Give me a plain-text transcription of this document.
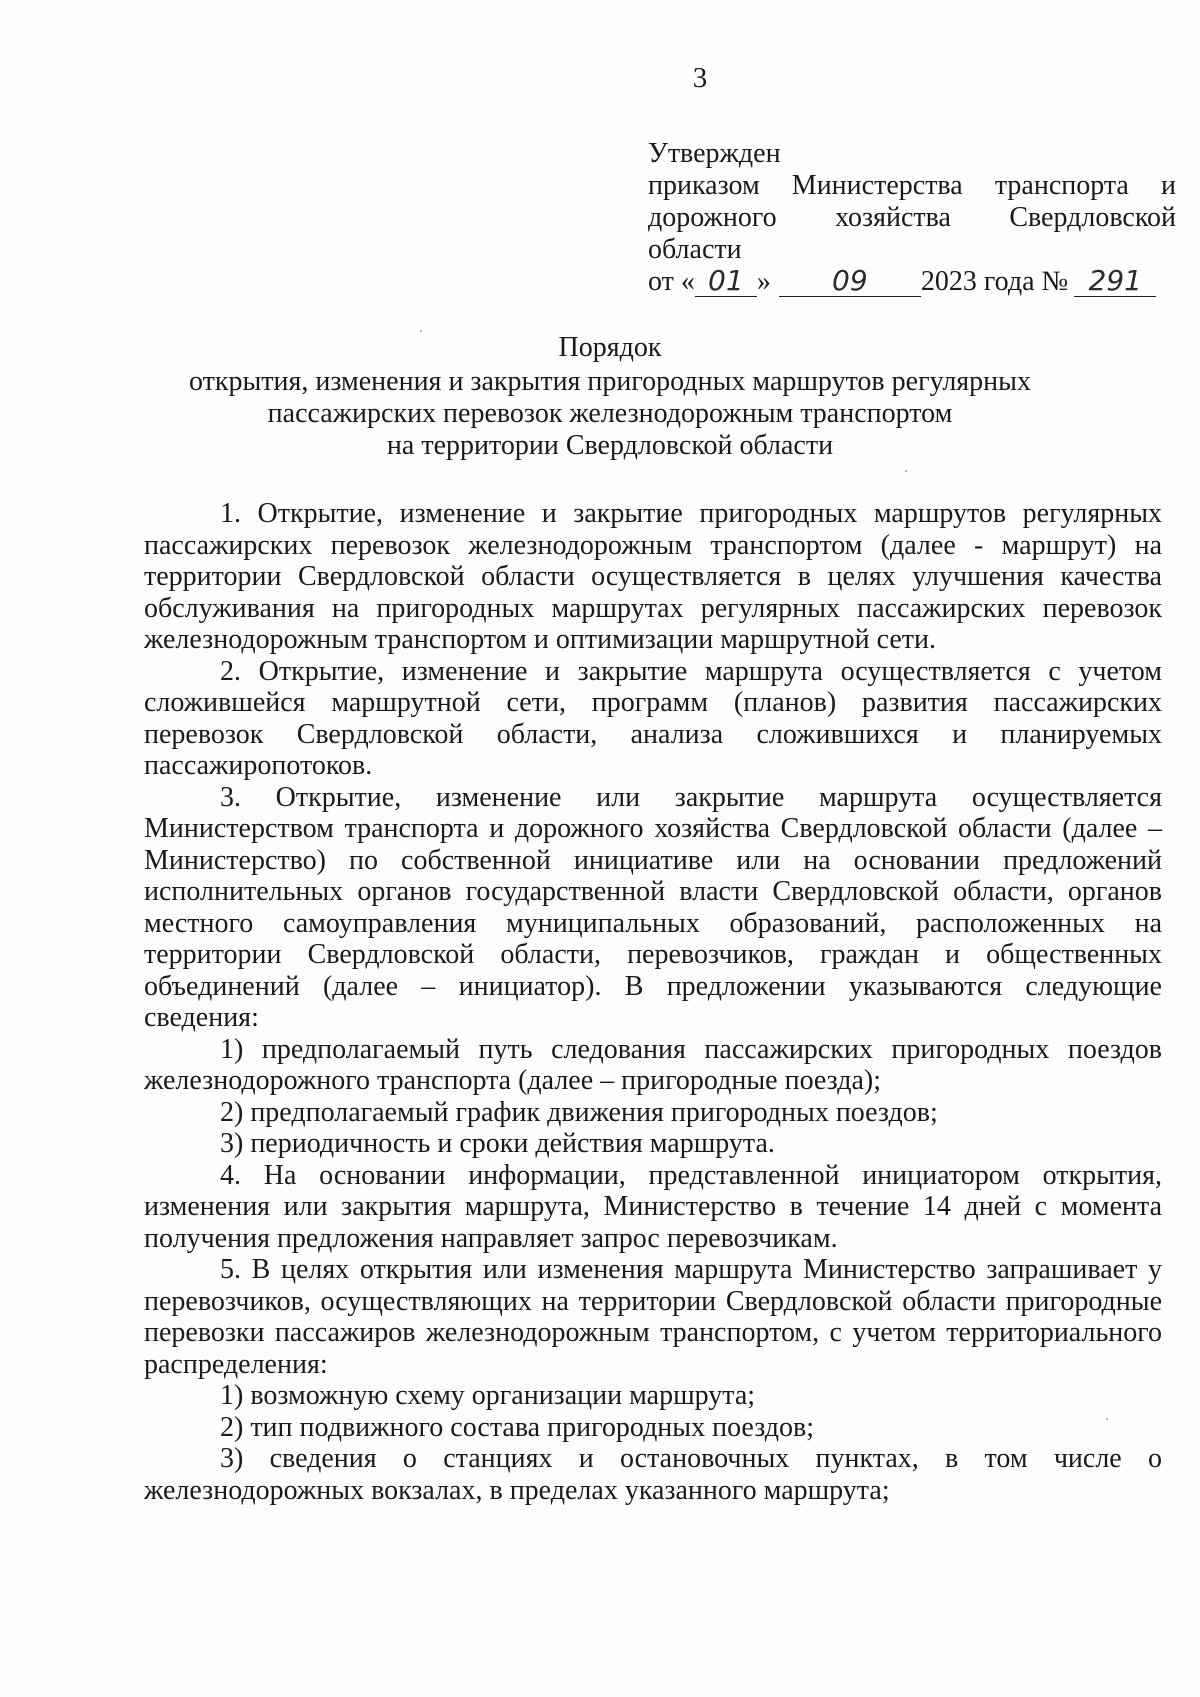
3
Утвержден
приказом Министерства транспорта и
дорожного хозяйства Свердловской
области
от « 01 » 09 2023 года № 291
Порядок
открытия, изменения и закрытия пригородных маршрутов регулярных
пассажирских перевозок железнодорожным транспортом
на территории Свердловской области

1. Открытие, изменение и закрытие пригородных маршрутов регулярных пассажирских перевозок железнодорожным транспортом (далее - маршрут) на территории Свердловской области осуществляется в целях улучшения качества обслуживания на пригородных маршрутах регулярных пассажирских перевозок железнодорожным транспортом и оптимизации маршрутной сети.

2. Открытие, изменение и закрытие маршрута осуществляется с учетом сложившейся маршрутной сети, программ (планов) развития пассажирских перевозок Свердловской области, анализа сложившихся и планируемых пассажиропотоков.

3. Открытие, изменение или закрытие маршрута осуществляется Министерством транспорта и дорожного хозяйства Свердловской области (далее – Министерство) по собственной инициативе или на основании предложений исполнительных органов государственной власти Свердловской области, органов местного самоуправления муниципальных образований, расположенных на территории Свердловской области, перевозчиков, граждан и общественных объединений (далее – инициатор). В предложении указываются следующие сведения:

1) предполагаемый путь следования пассажирских пригородных поездов железнодорожного транспорта (далее – пригородные поезда);

2) предполагаемый график движения пригородных поездов;

3) периодичность и сроки действия маршрута.

4. На основании информации, представленной инициатором открытия, изменения или закрытия маршрута, Министерство в течение 14 дней с момента получения предложения направляет запрос перевозчикам.

5. В целях открытия или изменения маршрута Министерство запрашивает у перевозчиков, осуществляющих на территории Свердловской области пригородные перевозки пассажиров железнодорожным транспортом, с учетом территориального распределения:

1) возможную схему организации маршрута;

2) тип подвижного состава пригородных поездов;

3) сведения о станциях и остановочных пунктах, в том числе о железнодорожных вокзалах, в пределах указанного маршрута;
